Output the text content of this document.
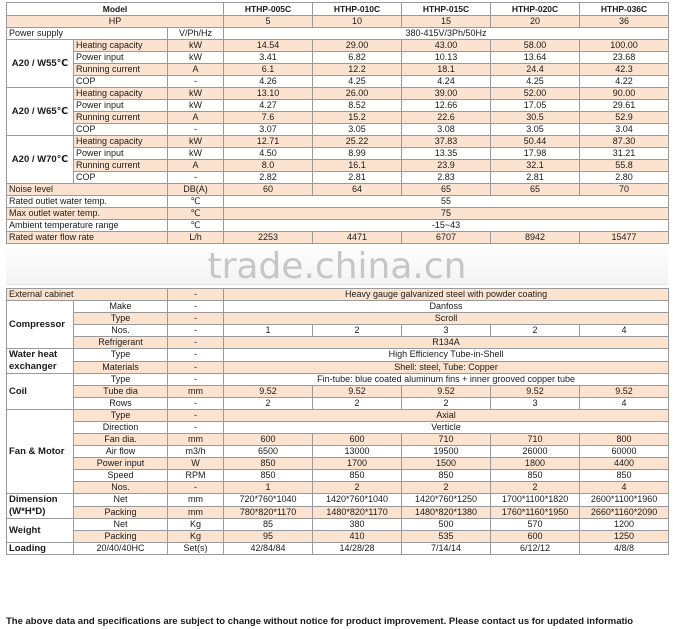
Model			HTHP-005C	HTHP-010C	HTHP-015C	HTHP-020C	HTHP-036C
HP			5	10	15	20	36
Power supply		V/Ph/Hz	380-415V/3Ph/50Hz				
A20 / W55℃	Heating capacity	kW	14.54	29.00	43.00	58.00	100.00
	Power input	kW	3.41	6.82	10.13	13.64	23.68
	Running current	A	6.1	12.2	18.1	24.4	42.3
	COP	-	4.26	4.25	4.24	4.25	4.22
A20 / W65℃	Heating capacity	kW	13.10	26.00	39.00	52.00	90.00
	Power input	kW	4.27	8.52	12.66	17.05	29.61
	Running current	A	7.6	15.2	22.6	30.5	52.9
	COP	-	3.07	3.05	3.08	3.05	3.04
A20 / W70℃	Heating capacity	kW	12.71	25.22	37.83	50.44	87.30
	Power input	kW	4.50	8.99	13.35	17.98	31.21
	Running current	A	8.0	16.1	23.9	32.1	55.8
	COP	-	2.82	2.81	2.83	2.81	2.80
Noise level		DB(A)	60	64	65	65	70
Rated outlet water temp.		℃	55				
Max outlet water temp.		℃	75				
Ambient temperature range		℃	-15~43				
Rated water flow rate		L/h	2253	4471	6707	8942	15477
trade.china.cn
External cabinet		-	Heavy gauge galvanized steel with powder coating				
Compressor	Make	-	Danfoss				
	Type	-	Scroll				
	Nos.	-	1	2	3	2	4
	Refrigerant	-	R134A				
Water heat
exchanger	Type	-	High Efficiency Tube-in-Shell				
	Materials	-	Shell: steel, Tube: Copper				
Coil	Type	-	Fin-tube: blue coated aluminum fins + inner grooved copper tube				
	Tube dia	mm	9.52	9.52	9.52	9.52	9.52
	Rows	-	2	2	2	3	4
Fan & Motor	Type	-	Axial				
	Direction	-	Verticle				
	Fan dia.	mm	600	600	710	710	800
	Air flow	m3/h	6500	13000	19500	26000	60000
	Power input	W	850	1700	1500	1800	4400
	Speed	RPM	850	850	850	850	850
	Nos.	-	1	2	2	2	4
Dimension
(W*H*D)	Net	mm	720*760*1040	1420*760*1040	1420*760*1250	1700*1100*1820	2600*1100*1960
	Packing	mm	780*820*1170	1480*820*1170	1480*820*1380	1760*1160*1950	2660*1160*2090
Weight	Net	Kg	85	380	500	570	1200
	Packing	Kg	95	410	535	600	1250
Loading	20/40/40HC	Set(s)	42/84/84	14/28/28	7/14/14	6/12/12	4/8/8
The above data and specifications are subject to change without notice for product improvement. Please contact us for updated informatio
